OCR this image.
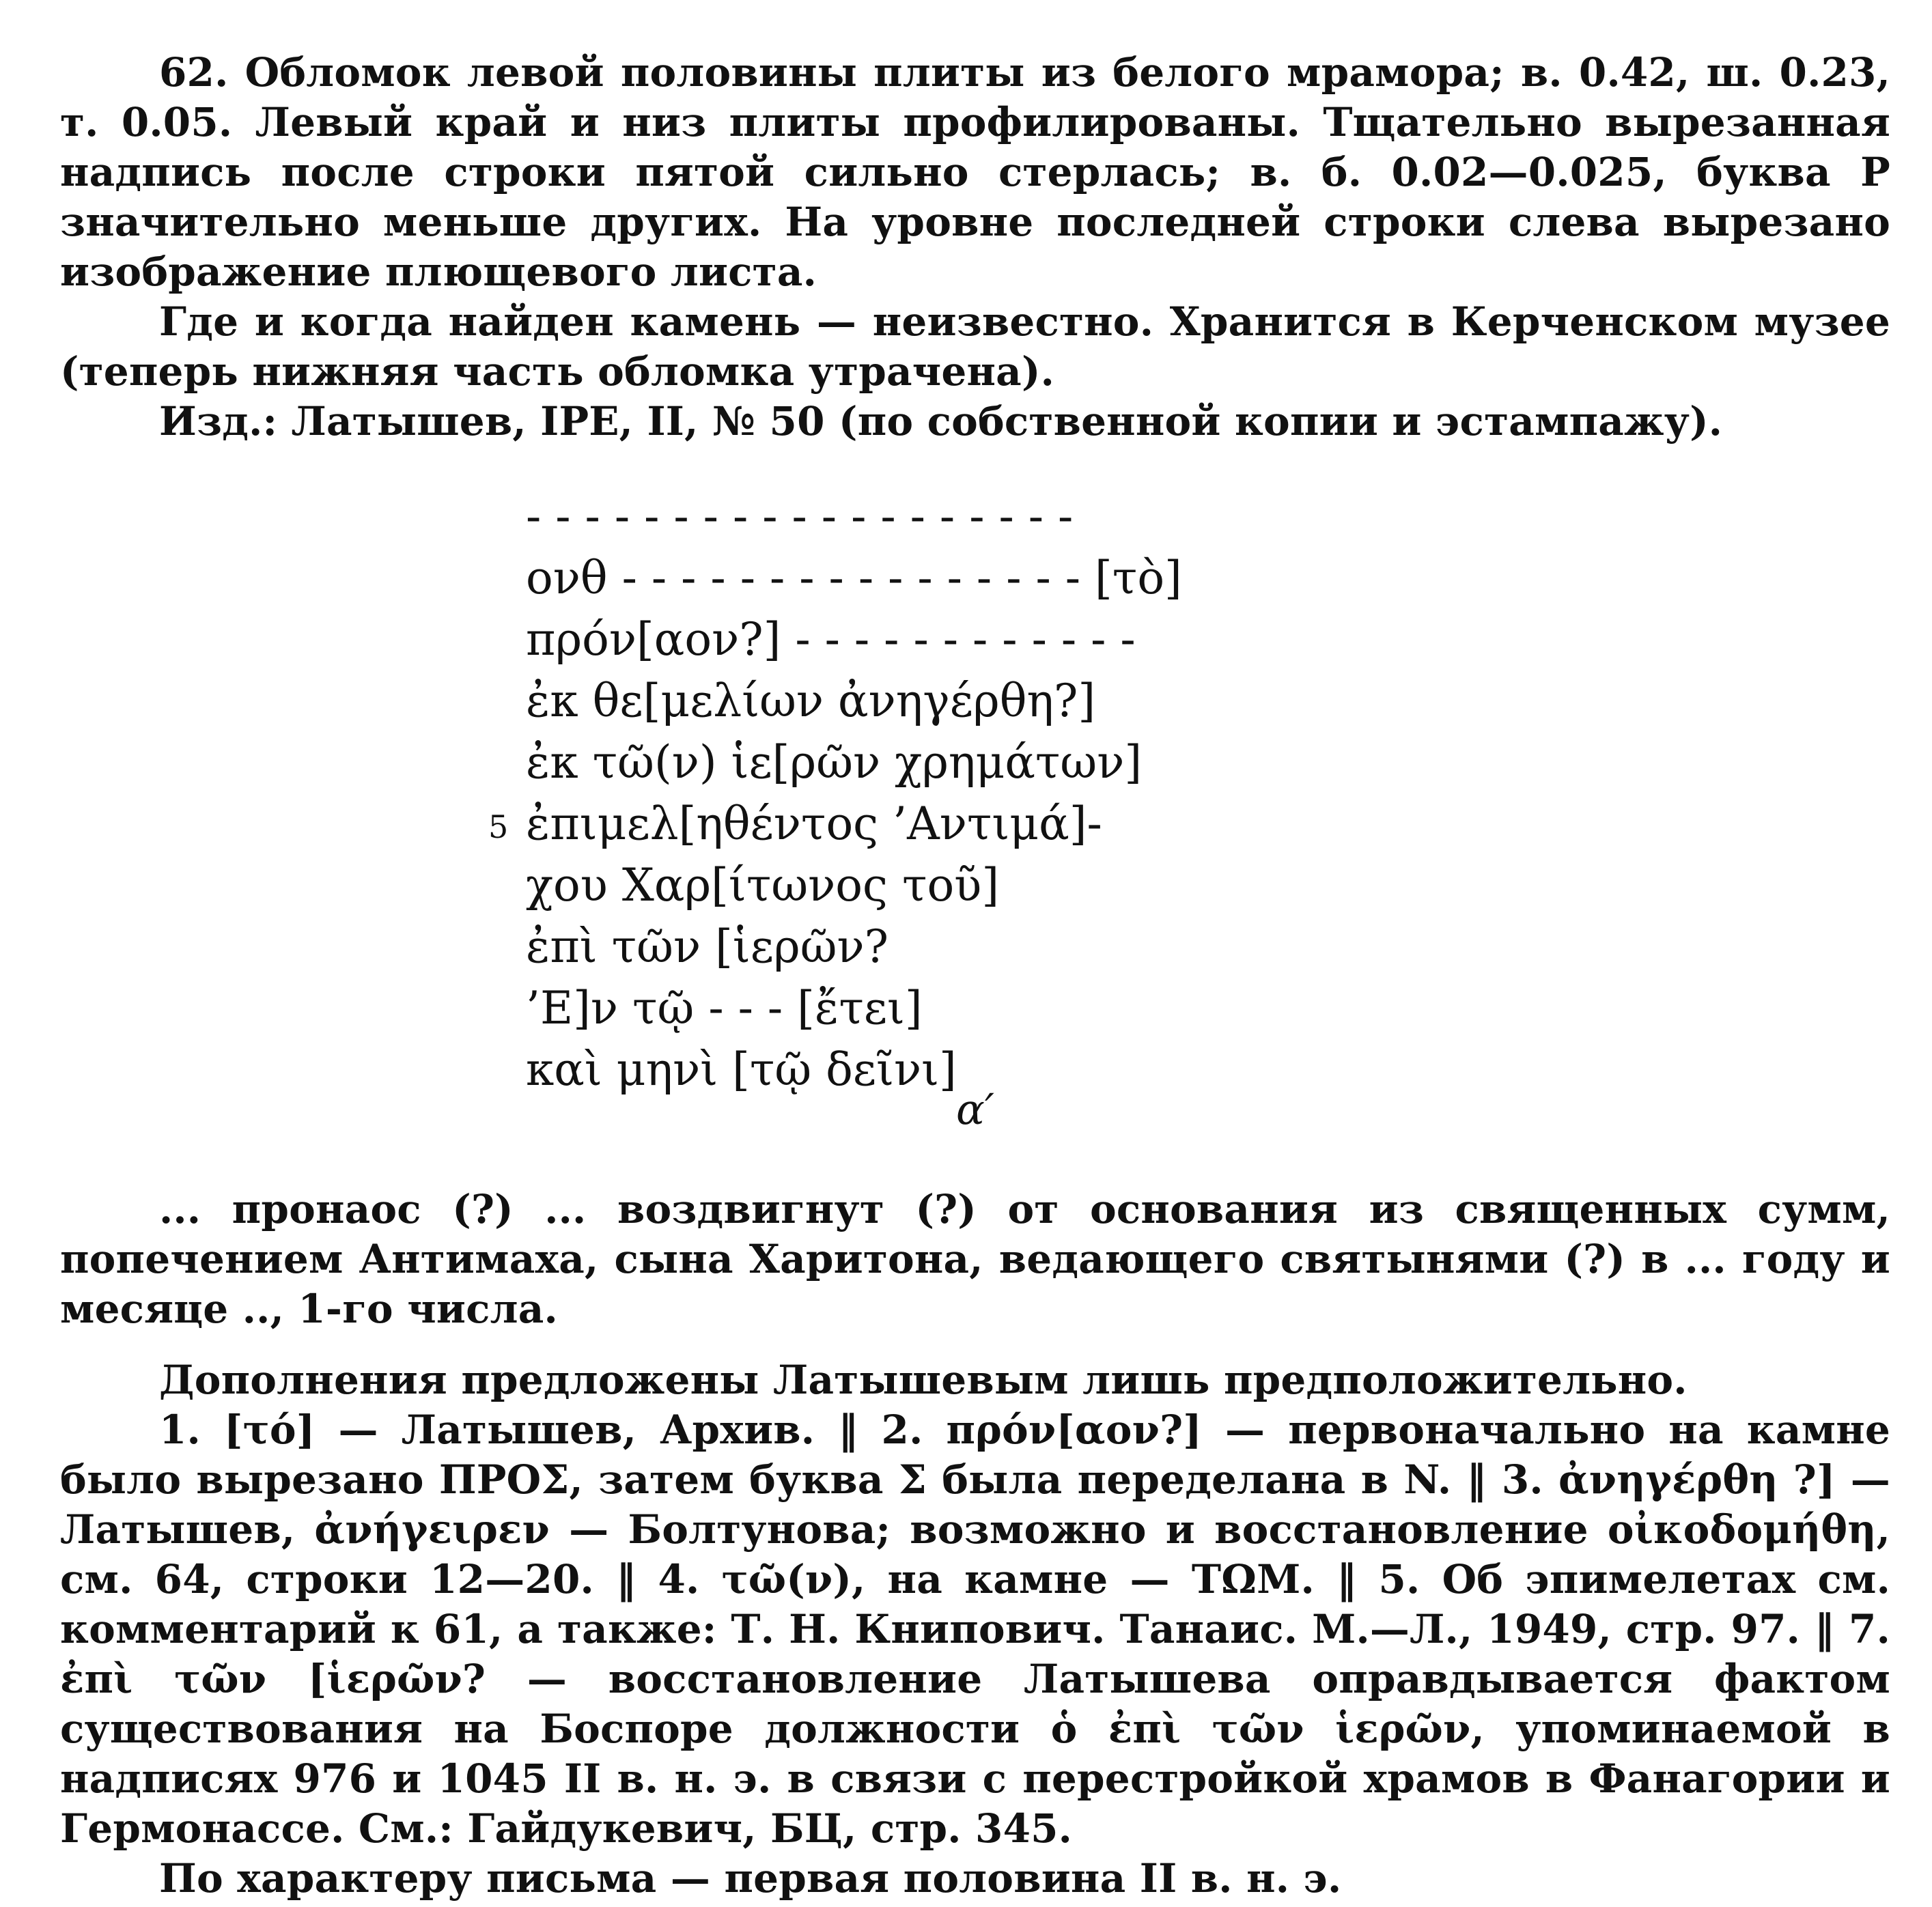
62. Обломок левой половины плиты из белого мрамора; в. 0.42, ш. 0.23, т. 0.05. Левый край и низ плиты профилированы. Тщательно вырезанная надпись после строки пятой сильно стерлась; в. б. 0.02—0.025, буква Р значительно меньше других. На уровне последней строки слева вырезано изображение плющевого листа.

Где и когда найден камень — неизвестно. Хранится в Керченском музее (теперь нижняя часть обломка утрачена).

Изд.: Латышев, IPE, II, № 50 (по собственной копии и эстампажу).

- - - - - - - - - - - - - - - - - - -
ονθ - - - - - - - - - - - - - - - - [τὸ]
πρόν[αον?] - - - - - - - - - - - -
ἐκ θε[μελίων ἀνηγέρθη?]
ἐκ τῶ(ν) ἱε[ρῶν χρημάτων]
5 ἐπιμελ[ηθέντος ’Αντιμά]-
χου Χαρ[ίτωνος τοῦ]
ἐπὶ τῶν [ἱερῶν?
’Ε]ν τῷ - - - [ἔτει]
καὶ μηνὶ [τῷ δεῖνι]
α′

... пронаос (?) ... воздвигнут (?) от основания из священных сумм, попечением Антимаха, сына Харитона, ведающего святынями (?) в ... году и месяце .., 1-го числа.

Дополнения предложены Латышевым лишь предположительно.

1. [τό] — Латышев, Архив. ‖ 2. πρόν[αον?] — первоначально на камне было вырезано ΠΡΟΣ, затем буква Σ была переделана в N. ‖ 3. ἀνηγέρθη ?] — Латышев, ἀνήγειρεν — Болтунова; возможно и восстановление οἰκοδομήθη, см. 64, строки 12—20. ‖ 4. τῶ(ν), на камне — ΤΩΜ. ‖ 5. Об эпимелетах см. комментарий к 61, а также: Т. Н. Книпович. Танаис. М.—Л., 1949, стр. 97. ‖ 7. ἐπὶ τῶν [ἱερῶν? — восстановление Латышева оправдывается фактом существования на Боспоре должности ὁ ἐπὶ τῶν ἱερῶν, упоминаемой в надписях 976 и 1045 II в. н. э. в связи с перестройкой храмов в Фанагории и Гермонассе. См.: Гайдукевич, БЦ, стр. 345.

По характеру письма — первая половина II в. н. э.
